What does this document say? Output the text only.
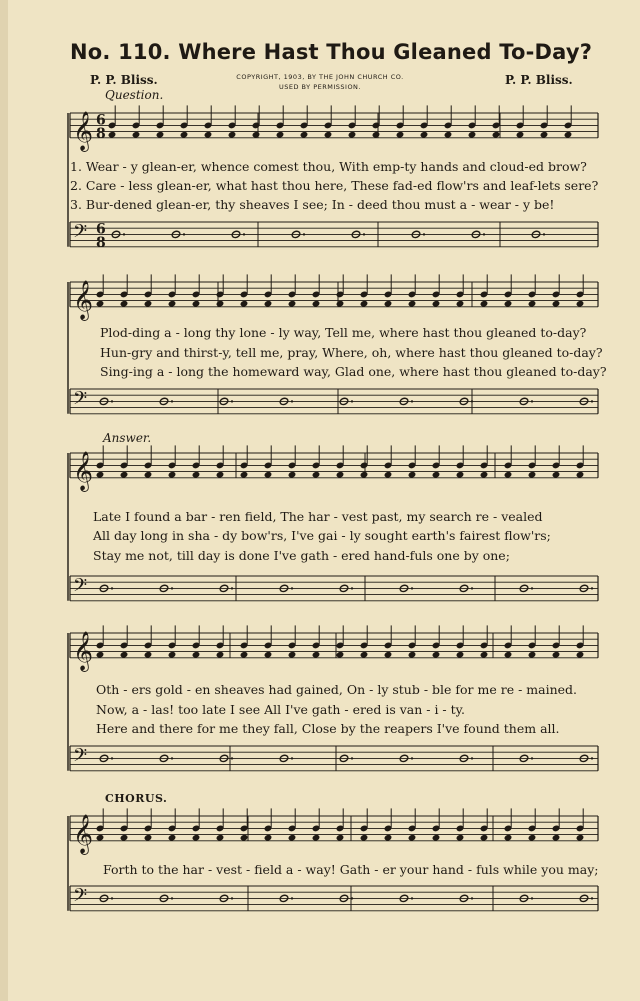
No. 110. Where Hast Thou Gleaned To-Day?
P. P. Bliss.	COPYRIGHT, 1903, BY THE JOHN CHURCH CO.
USED BY PERMISSION.	P. P. Bliss.
Question.
Answer.
CHORUS.
𝄞 6
8
𝄢 6
8
𝄞
𝄢
𝄞
𝄢
𝄞
𝄢
𝄞
𝄢
1. Wear - y glean-er, whence comest thou, With emp-ty hands and cloud-ed brow?
2. Care - less glean-er, what hast thou here, These fad-ed flow'rs and leaf-lets sere?
3. Bur-dened glean-er, thy sheaves I see; In - deed thou must a - wear - y be!
Plod-ding a - long thy lone - ly way, Tell me, where hast thou gleaned to-day?
Hun-gry and thirst-y, tell me, pray, Where, oh, where hast thou gleaned to-day?
Sing-ing a - long the homeward way, Glad one, where hast thou gleaned to-day?
Late I found a bar - ren field, The har - vest past, my search re - vealed
All day long in sha - dy bow'rs, I've gai - ly sought earth's fairest flow'rs;
Stay me not, till day is done I've gath - ered hand-fuls one by one;
Oth - ers gold - en sheaves had gained, On - ly stub - ble for me re - mained.
Now, a - las! too late I see All I've gath - ered is van - i - ty.
Here and there for me they fall, Close by the reapers I've found them all.
Forth to the har - vest - field a - way! Gath - er your hand - fuls while you may;
